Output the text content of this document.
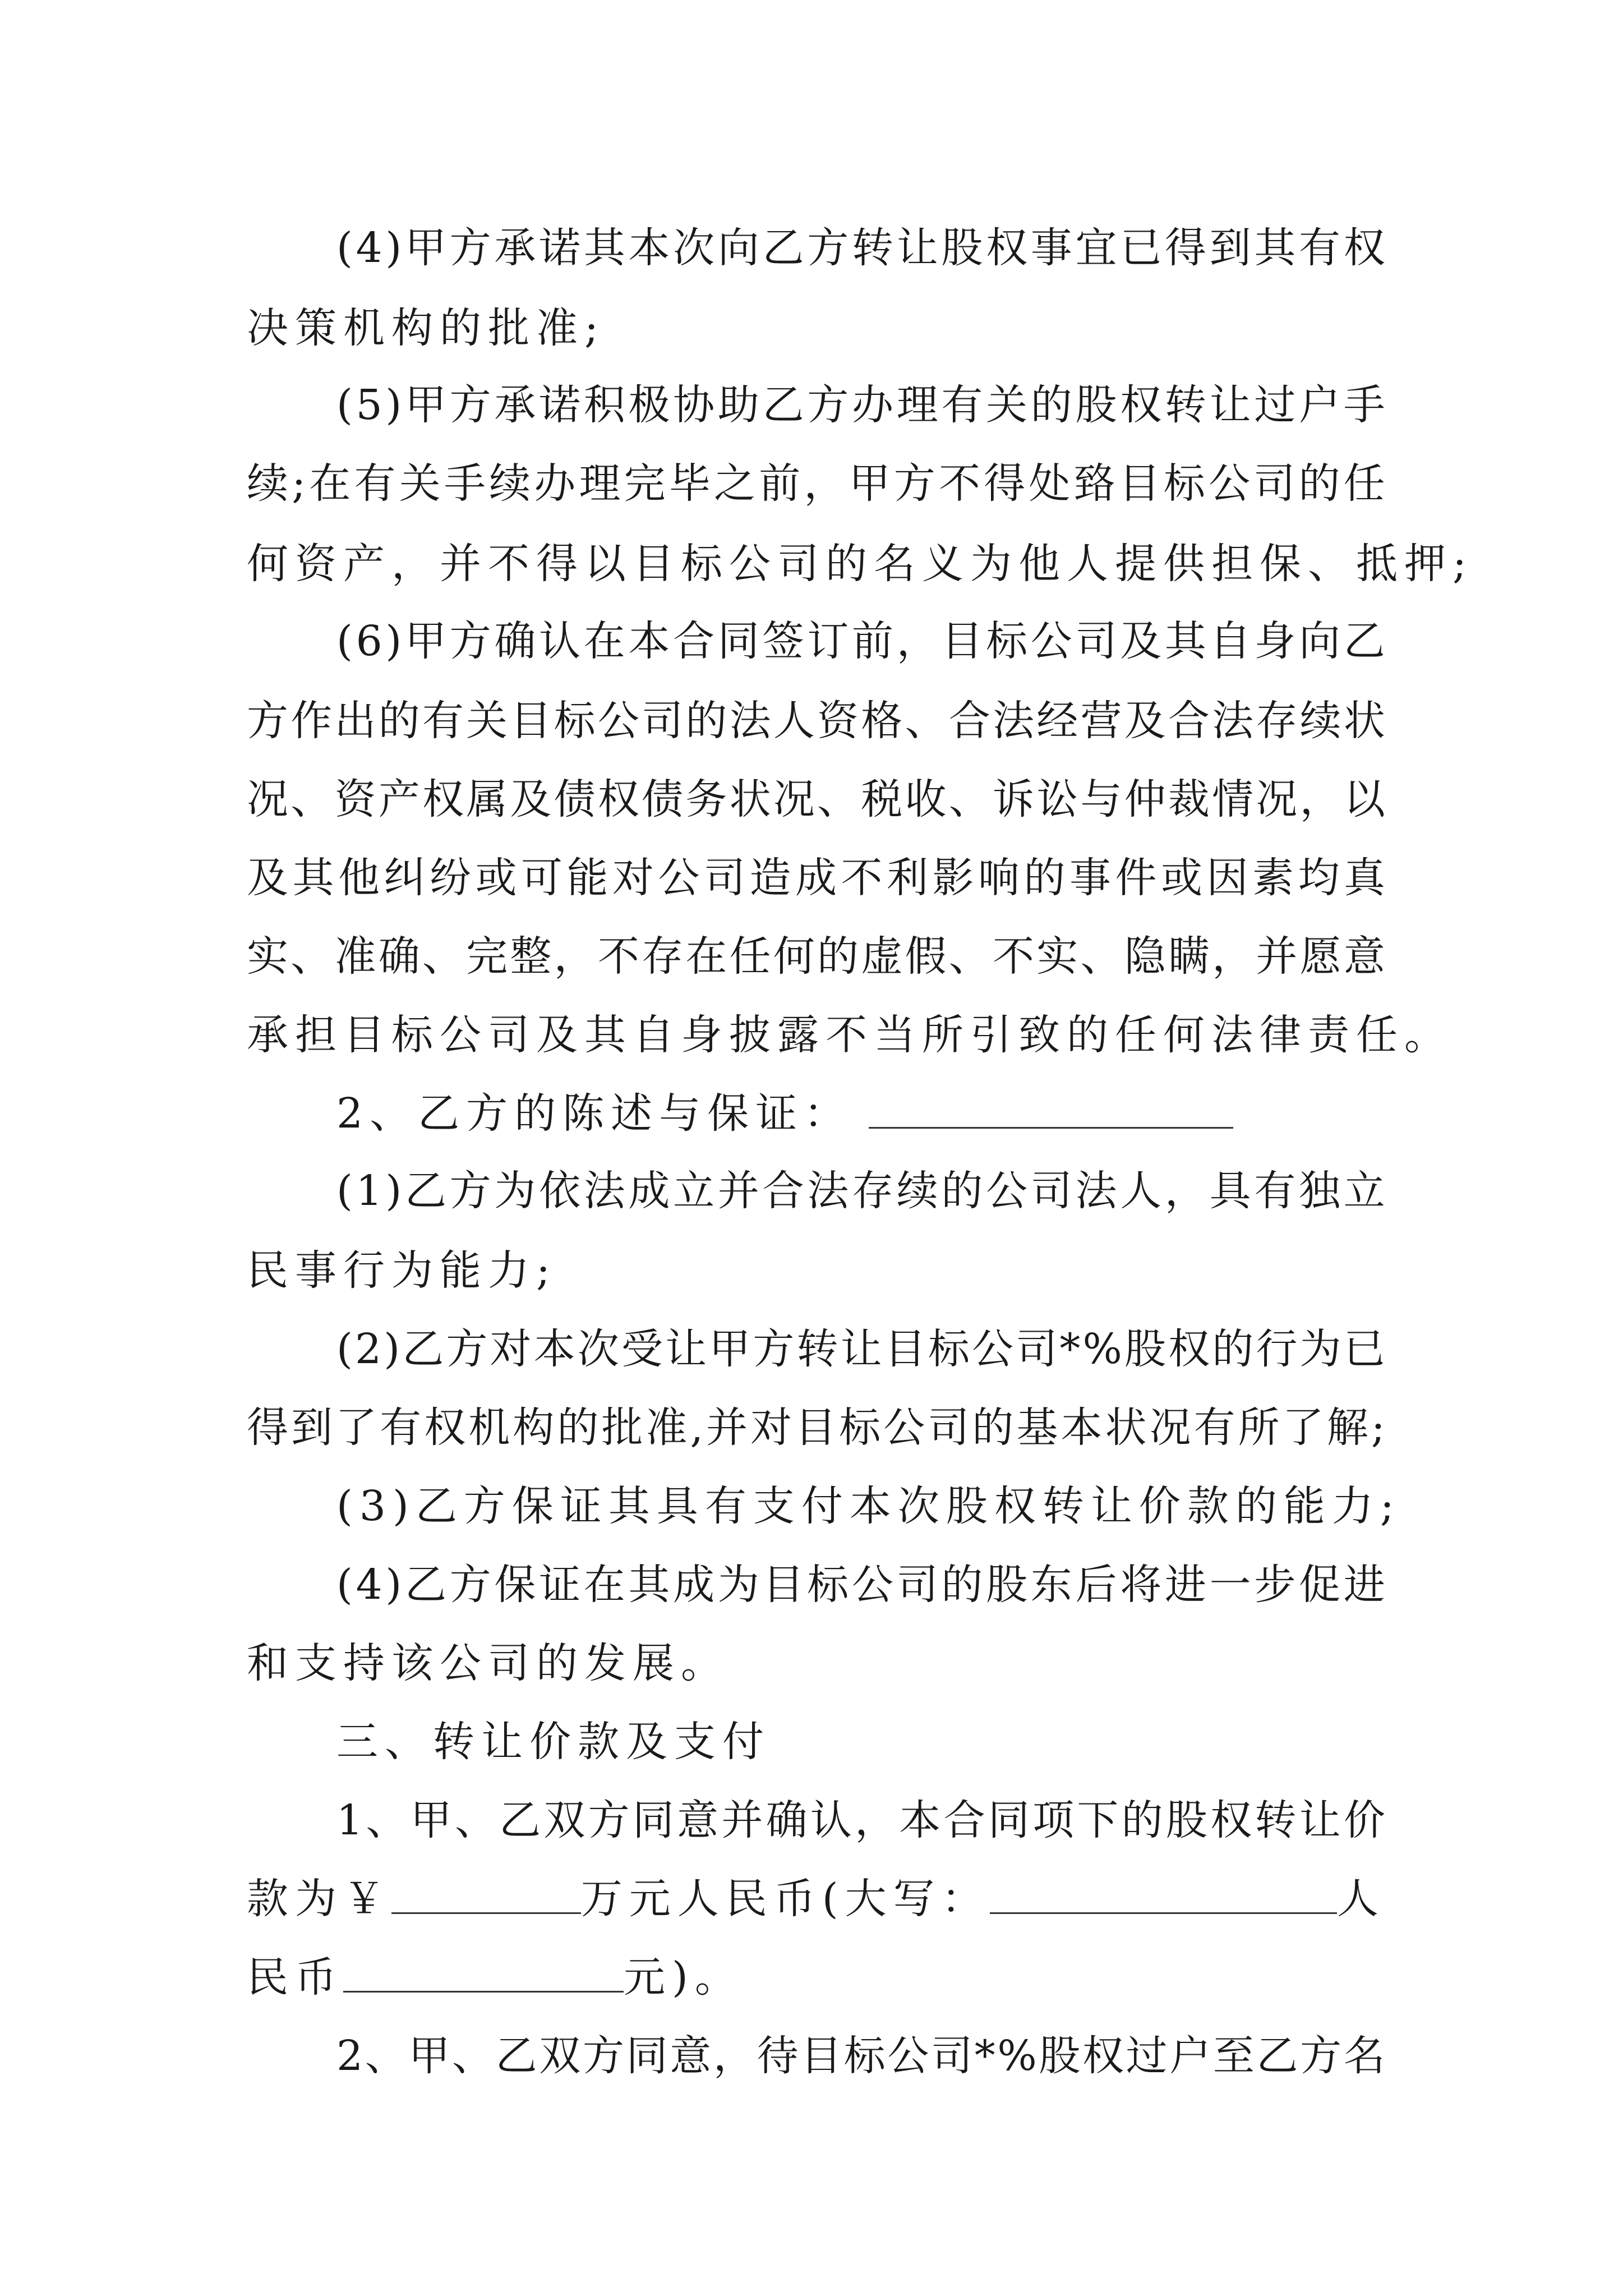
( 4 ) 甲 方 承 诺 其 本 次 向 乙 方 转 让 股 权 事 宜 已 得 到 其 有 权
决策机构的批准;
( 5 ) 甲 方 承 诺 积 极 协 助 乙 方 办 理 有 关 的 股 权 转 让 过 户 手
续 ; 在 有 关 手 续 办 理 完 毕 之 前 ， 甲 方 不 得 处 臵 目 标 公 司 的 任
何资产，并不得以目标公司的名义为他人提供担保、抵押;
( 6 ) 甲 方 确 认 在 本 合 同 签 订 前 ， 目 标 公 司 及 其 自 身 向 乙
方 作 出 的 有 关 目 标 公 司 的 法 人 资 格 、 合 法 经 营 及 合 法 存 续 状
况 、 资 产 权 属 及 债 权 债 务 状 况 、 税 收 、 诉 讼 与 仲 裁 情 况 ， 以
及 其 他 纠 纷 或 可 能 对 公 司 造 成 不 利 影 响 的 事 件 或 因 素 均 真
实 、 准 确 、 完 整 ， 不 存 在 任 何 的 虚 假 、 不 实 、 隐 瞒 ， 并 愿 意
承担目标公司及其自身披露不当所引致的任何法律责任。
2、乙方的陈述与保证：
( 1 ) 乙 方 为 依 法 成 立 并 合 法 存 续 的 公 司 法 人 ， 具 有 独 立
民事行为能力;
( 2 ) 乙 方 对 本 次 受 让 甲 方 转 让 目 标 公 司 * % 股 权 的 行 为 已
得 到 了 有 权 机 构 的 批 准 , 并 对 目 标 公 司 的 基 本 状 况 有 所 了 解 ;
(3)乙方保证其具有支付本次股权转让价款的能力;
( 4 ) 乙 方 保 证 在 其 成 为 目 标 公 司 的 股 东 后 将 进 一 步 促 进
和支持该公司的发展。
三、转让价款及支付
1 、 甲 、 乙 双 方 同 意 并 确 认 ， 本 合 同 项 下 的 股 权 转 让 价
款为￥	万元人民币(大写：	人
民币	元)。
2 、 甲 、 乙 双 方 同 意 ， 待 目 标 公 司 * % 股 权 过 户 至 乙 方 名
